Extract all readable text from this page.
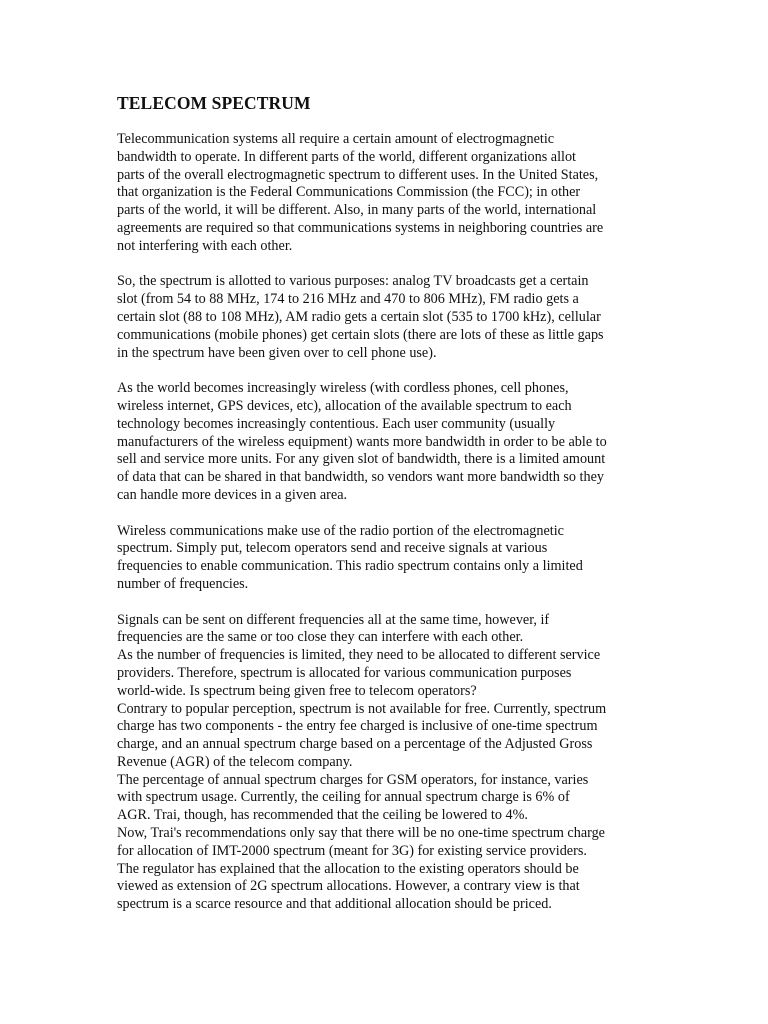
TELECOM SPECTRUM

Telecommunication systems all require a certain amount of electrogmagnetic
bandwidth to operate. In different parts of the world, different organizations allot
parts of the overall electrogmagnetic spectrum to different uses. In the United States,
that organization is the Federal Communications Commission (the FCC); in other
parts of the world, it will be different. Also, in many parts of the world, international
agreements are required so that communications systems in neighboring countries are
not interfering with each other.

So, the spectrum is allotted to various purposes: analog TV broadcasts get a certain
slot (from 54 to 88 MHz, 174 to 216 MHz and 470 to 806 MHz), FM radio gets a
certain slot (88 to 108 MHz), AM radio gets a certain slot (535 to 1700 kHz), cellular
communications (mobile phones) get certain slots (there are lots of these as little gaps
in the spectrum have been given over to cell phone use).

As the world becomes increasingly wireless (with cordless phones, cell phones,
wireless internet, GPS devices, etc), allocation of the available spectrum to each
technology becomes increasingly contentious. Each user community (usually
manufacturers of the wireless equipment) wants more bandwidth in order to be able to
sell and service more units. For any given slot of bandwidth, there is a limited amount
of data that can be shared in that bandwidth, so vendors want more bandwidth so they
can handle more devices in a given area.

Wireless communications make use of the radio portion of the electromagnetic
spectrum. Simply put, telecom operators send and receive signals at various
frequencies to enable communication. This radio spectrum contains only a limited
number of frequencies.

Signals can be sent on different frequencies all at the same time, however, if
frequencies are the same or too close they can interfere with each other.
As the number of frequencies is limited, they need to be allocated to different service
providers. Therefore, spectrum is allocated for various communication purposes
world-wide. Is spectrum being given free to telecom operators?
Contrary to popular perception, spectrum is not available for free. Currently, spectrum
charge has two components - the entry fee charged is inclusive of one-time spectrum
charge, and an annual spectrum charge based on a percentage of the Adjusted Gross
Revenue (AGR) of the telecom company.
The percentage of annual spectrum charges for GSM operators, for instance, varies
with spectrum usage. Currently, the ceiling for annual spectrum charge is 6% of
AGR. Trai, though, has recommended that the ceiling be lowered to 4%.
Now, Trai's recommendations only say that there will be no one-time spectrum charge
for allocation of IMT-2000 spectrum (meant for 3G) for existing service providers.
The regulator has explained that the allocation to the existing operators should be
viewed as extension of 2G spectrum allocations. However, a contrary view is that
spectrum is a scarce resource and that additional allocation should be priced.
